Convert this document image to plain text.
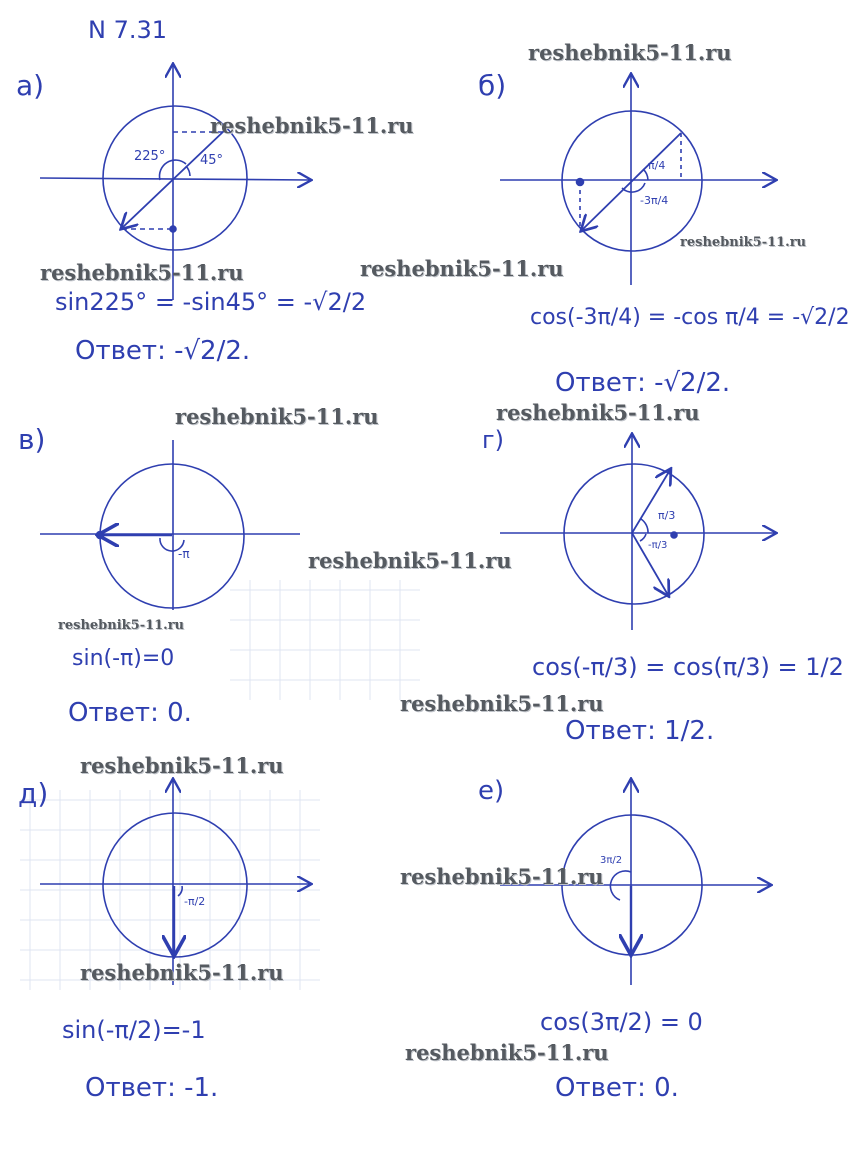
N 7.31
а)
225°	45°
sin225° = -sin45° = -√2/2
Ответ: -√2/2.
б)
π/4
-3π/4
cos(-3π/4) = -cos π/4 = -√2/2
Ответ: -√2/2.
в)
-π
sin(-π)=0
Ответ: 0.
г)
π/3
-π/3
cos(-π/3) = cos(π/3) = 1/2
Ответ: 1/2.
д)
-π/2
sin(-π/2)=-1
Ответ: -1.
е)
3π/2
cos(3π/2) = 0
Ответ: 0.
reshebnik5-11.ru
reshebnik5-11.ru
reshebnik5-11.ru
reshebnik5-11.ru	reshebnik5-11.ru
reshebnik5-11.ru	reshebnik5-11.ru
reshebnik5-11.ru
reshebnik5-11.ru
reshebnik5-11.ru
reshebnik5-11.ru
reshebnik5-11.ru
reshebnik5-11.ru
reshebnik5-11.ru
